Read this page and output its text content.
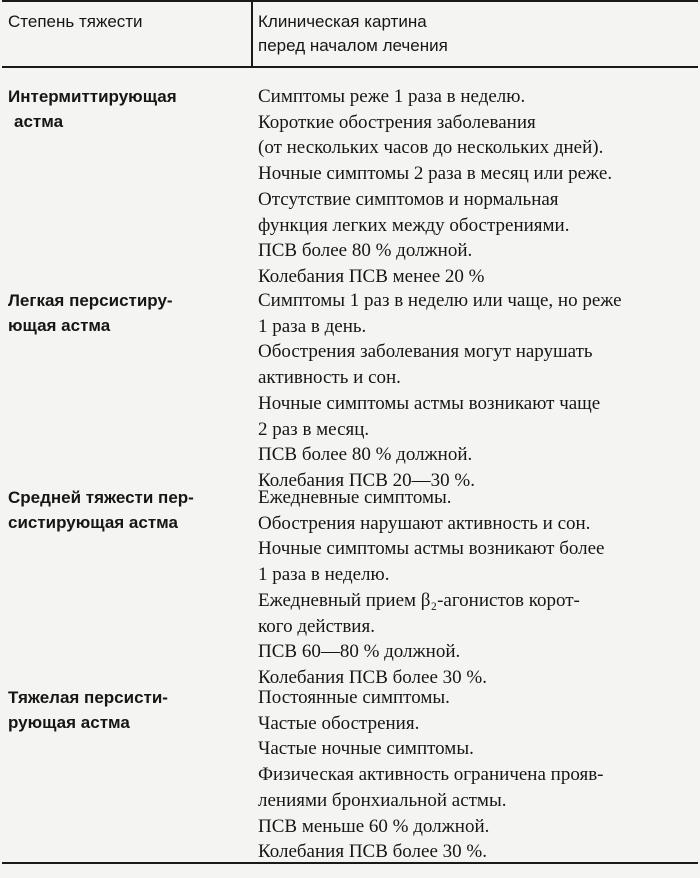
Степень тяжести	Клиническая картина
перед началом лечения
Интермиттирующая
астма
Симптомы реже 1 раза в неделю.
Короткие обострения заболевания
(от нескольких часов до нескольких дней).
Ночные симптомы 2 раза в месяц или реже.
Отсутствие симптомов и нормальная
функция легких между обострениями.
ПСВ более 80 % должной.
Колебания ПСВ менее 20 %
Легкая персистиру-
ющая астма
Симптомы 1 раз в неделю или чаще, но реже
1 раза в день.
Обострения заболевания могут нарушать
активность и сон.
Ночные симптомы астмы возникают чаще
2 раз в месяц.
ПСВ более 80 % должной.
Колебания ПСВ 20—30 %.
Средней тяжести пер-
систирующая астма
Ежедневные симптомы.
Обострения нарушают активность и сон.
Ночные симптомы астмы возникают более
1 раза в неделю.
Ежедневный прием β₂-агонистов корот-
кого действия.
ПСВ 60—80 % должной.
Колебания ПСВ более 30 %.
Тяжелая персисти-
рующая астма
Постоянные симптомы.
Частые обострения.
Частые ночные симптомы.
Физическая активность ограничена прояв-
лениями бронхиальной астмы.
ПСВ меньше 60 % должной.
Колебания ПСВ более 30 %.
